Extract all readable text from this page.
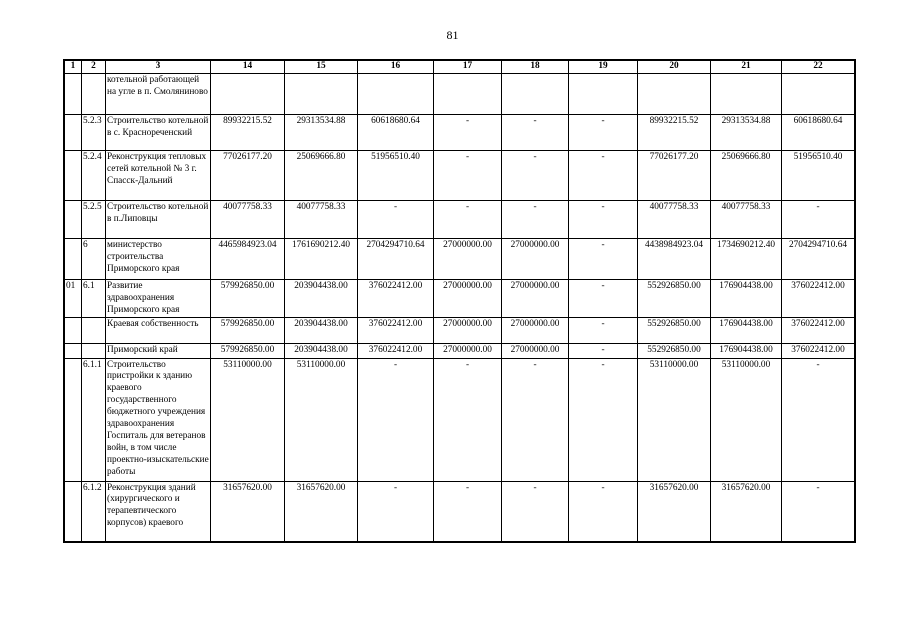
81
1	2	3	14	15	16	17	18	19	20	21	22
		котельной работающей на угле в п. Смоляниново									
	5.2.3	Строительство котельной в с. Краснореченский	89932215.52	29313534.88	60618680.64	-	-	-	89932215.52	29313534.88	60618680.64
	5.2.4	Реконструкция тепловых сетей котельной № 3 г. Спасск-Дальний	77026177.20	25069666.80	51956510.40	-	-	-	77026177.20	25069666.80	51956510.40
	5.2.5	Строительство котельной в п.Липовцы	40077758.33	40077758.33	-	-	-	-	40077758.33	40077758.33	-
	6	министерство строительства Приморского края	4465984923.04	1761690212.40	2704294710.64	27000000.00	27000000.00	-	4438984923.04	1734690212.40	2704294710.64
01	6.1	Развитие здравоохранения Приморского края	579926850.00	203904438.00	376022412.00	27000000.00	27000000.00	-	552926850.00	176904438.00	376022412.00
		Краевая собственность	579926850.00	203904438.00	376022412.00	27000000.00	27000000.00	-	552926850.00	176904438.00	376022412.00
		Приморский край	579926850.00	203904438.00	376022412.00	27000000.00	27000000.00	-	552926850.00	176904438.00	376022412.00
	6.1.1	Строительство пристройки к зданию краевого государственного бюджетного учреждения здравоохранения Госпиталь для ветеранов войн, в том числе проектно-изыскательские работы	53110000.00	53110000.00	-	-	-	-	53110000.00	53110000.00	-
	6.1.2	Реконструкция зданий (хирургического и терапевтического корпусов) краевого	31657620.00	31657620.00	-	-	-	-	31657620.00	31657620.00	-
